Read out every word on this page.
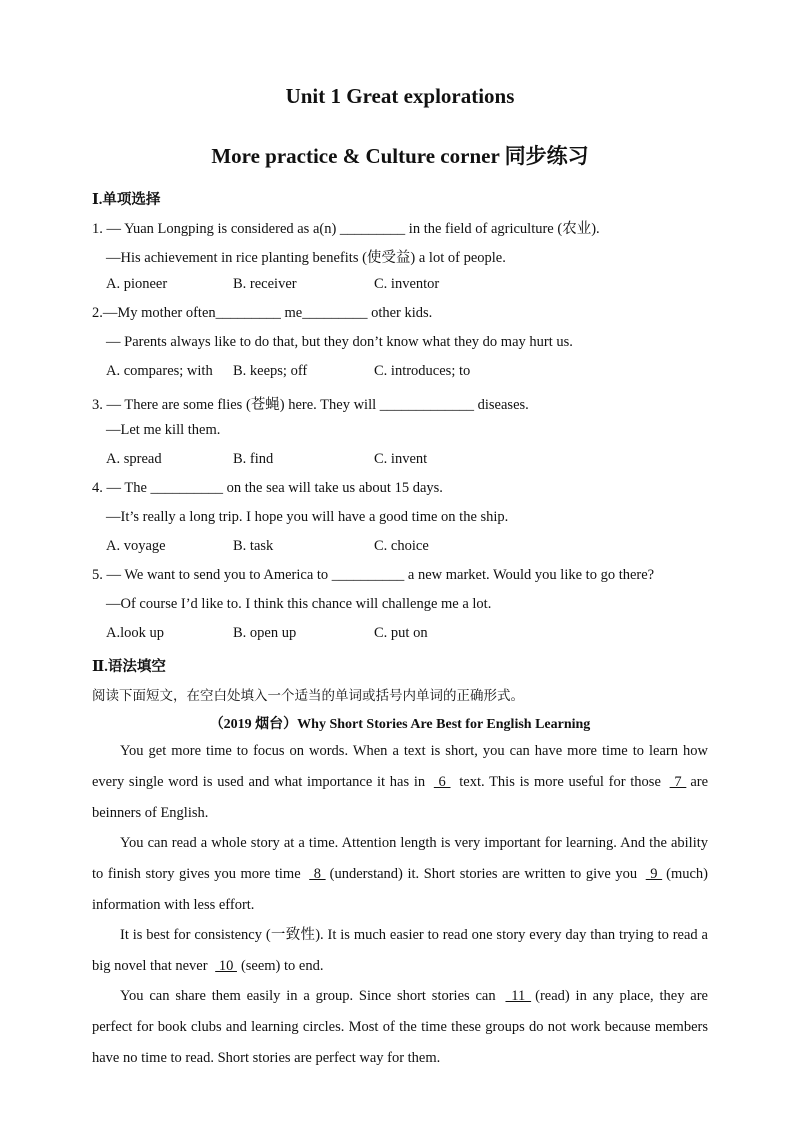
Unit 1 Great explorations
More practice & Culture corner 同步练习
Ⅰ.单项选择
1. — Yuan Longping is considered as a(n) _________ in the field of agriculture (农业).
—His achievement in rice planting benefits (使受益) a lot of people.
A. pioneer	B. receiver	C. inventor
2.—My mother often_________ me_________ other kids.
— Parents always like to do that, but they don’t know what they do may hurt us.
A. compares; with B. keeps; off	C. introduces; to
3. — There are some flies (苍蝇) here. They will _____________ diseases.
—Let me kill them.
A. spread	B. find	C. invent
4. — The __________ on the sea will take us about 15 days.
—It’s really a long trip. I hope you will have a good time on the ship.
A. voyage	B. task	C. choice
5. — We want to send you to America to __________ a new market. Would you like to go there?
—Of course I’d like to. I think this chance will challenge me a lot.
A.look up	B. open up	C. put on
Ⅱ.语法填空
阅读下面短文，在空白处填入一个适当的单词或括号内单词的正确形式。
（2019 烟台）Why Short Stories Are Best for English Learning
You get more time to focus on words. When a text is short, you can have more time to learn how every single word is used and what importance it has in  6  text. This is more useful for those  7 are beinners of English.
You can read a whole story at a time. Attention length is very important for learning. And the ability to finish story gives you more time  8 (understand) it. Short stories are written to give you  9 (much) information with less effort.
It is best for consistency (一致性). It is much easier to read one story every day than trying to read a big novel that never  10 (seem) to end.
You can share them easily in a group. Since short stories can  11 (read) in any place, they are perfect for book clubs and learning circles. Most of the time these groups do not work because members have no time to read. Short stories are perfect way for them.
